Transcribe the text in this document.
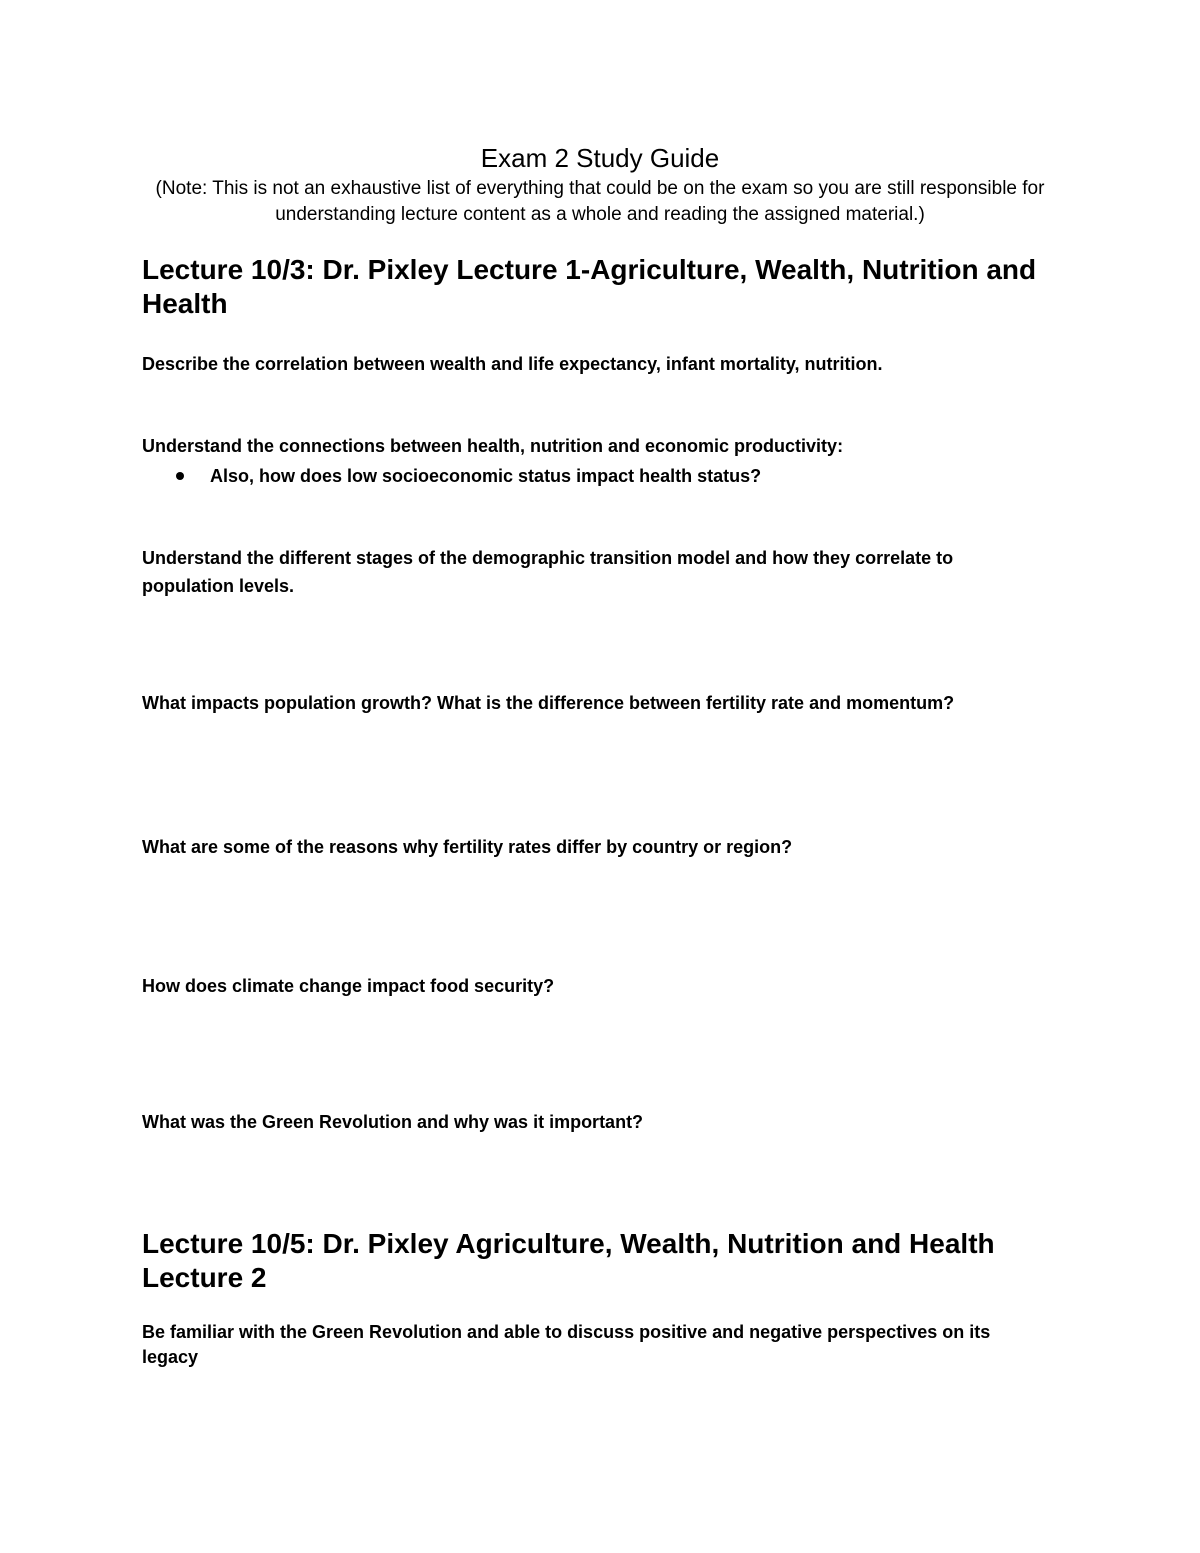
Exam 2 Study Guide

(Note: This is not an exhaustive list of everything that could be on the exam so you are still responsible for understanding lecture content as a whole and reading the assigned material.)

Lecture 10/3: Dr. Pixley Lecture 1-Agriculture, Wealth, Nutrition and Health

Describe the correlation between wealth and life expectancy, infant mortality, nutrition.

Understand the connections between health, nutrition and economic productivity:

Also, how does low socioeconomic status impact health status?

Understand the different stages of the demographic transition model and how they correlate to population levels.

What impacts population growth? What is the difference between fertility rate and momentum?

What are some of the reasons why fertility rates differ by country or region?

How does climate change impact food security?

What was the Green Revolution and why was it important?

Lecture 10/5: Dr. Pixley Agriculture, Wealth, Nutrition and Health Lecture 2

Be familiar with the Green Revolution and able to discuss positive and negative perspectives on its legacy
